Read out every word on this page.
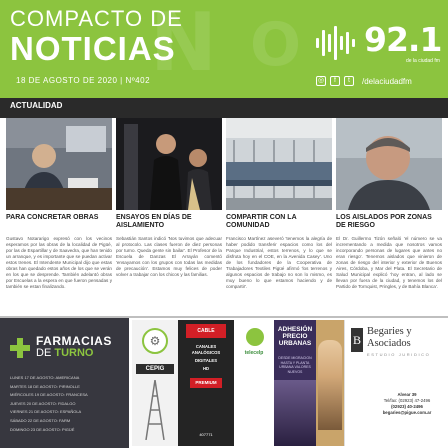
N O
COMPACTO DE
NOTICIAS
18 DE AGOSTO DE 2020 | Nº402
92.1
de la ciudad fm
◎	f	t	/delaciudadfm
ACTUALIDAD
PARA CONCRETAR OBRAS
Gustavo Notararigo expresó con los vecinos esperamos por las obras de la localidad de Pigüé, por las de Espartillar y de Saavedra, que han tenido un arranque, y es importante que se puedan activar estos trenes. El Intendente Municipal dijo que estas obras han quedado estos años de los que se verán en los que se desprende. También adelantó obras por Escuelas a la espera en que fueron pensadas y también se estan finalizando.
ENSAYOS EN DÍAS DE AISLAMIENTO
Sebastián Santos indicó 'Nos tuvimos que adecuar al protocolo. Las clases fueron de diez personas por turno. Queda gente sin bailar'. El Profesor de la Escuela de Danzas El Arrayán comentó 'ensayamos con los grupos con todas las medidas de precaución'. Estamos muy felices de poder volver a trabajar con los chicos y las familias.
COMPARTIR CON LA COMUNIDAD
Francisco Martínez aseveró 'tenemos la alegría de haber podido transferir espacios como los del Parque Industrial, estos terrenos, y lo que se disfruta hoy en el COE, en la Avenida Casey'. Uno de los fundadores de la Cooperativa de Trabajadores Textiles Pigüé afirmó 'los terrenos y algunos espacios de trabajo no son lo mismo, es muy bueno lo que estamos haciendo y de compartir'.
LOS AISLADOS POR ZONAS DE RIESGO
El Dr. Guillermo Tizón señaló 'el número se va incrementando a medida que nosotros vamos incorporando personas de lugares que antes no eran riesgo'. Tenemos aislados que vinieron de zonas de riesgo del interior y exterior de Buenos Aires, Córdoba, y Mar del Plata. El Secretario de Salud Municipal explicó 'hoy entran, al lado se llevan por fuera de la ciudad, y tenemos los del Partido de Tornquist, Pringles, y de Bahía Blanca'.
FARMACIAS
DE TURNO
LUNES 17 DE AGOSTO: AMERICANA
MARTES 18 DE AGOSTO: PIRINOLLE
MIÉRCOLES 19 DE AGOSTO: FRANCESA
JUEVES 20 DE AGOSTO: FIDALGO
VIERNES 21 DE AGOSTO: ESPAÑOLA
SÁBADO 22 DE AGOSTO: FARM
DOMINGO 23 DE AGOSTO: PIGÜÉ
⚙
CEPIG
CABLE
CANALES
ANALÓGICOS
DIGITALES
HD
PREMIUM
407771
telecelp
ADHESIÓN PRECIO URBANAS
DESDE MIGRACION HASTA Y PLANTA URBANA VALORES NUEVOS
B
Begaries y
Asociados
ESTUDIO JURIDICO
Alvear 39
Tel/fax: (02923) 47-2496
(02923) 40-2496
begaries@pigue.com.ar
